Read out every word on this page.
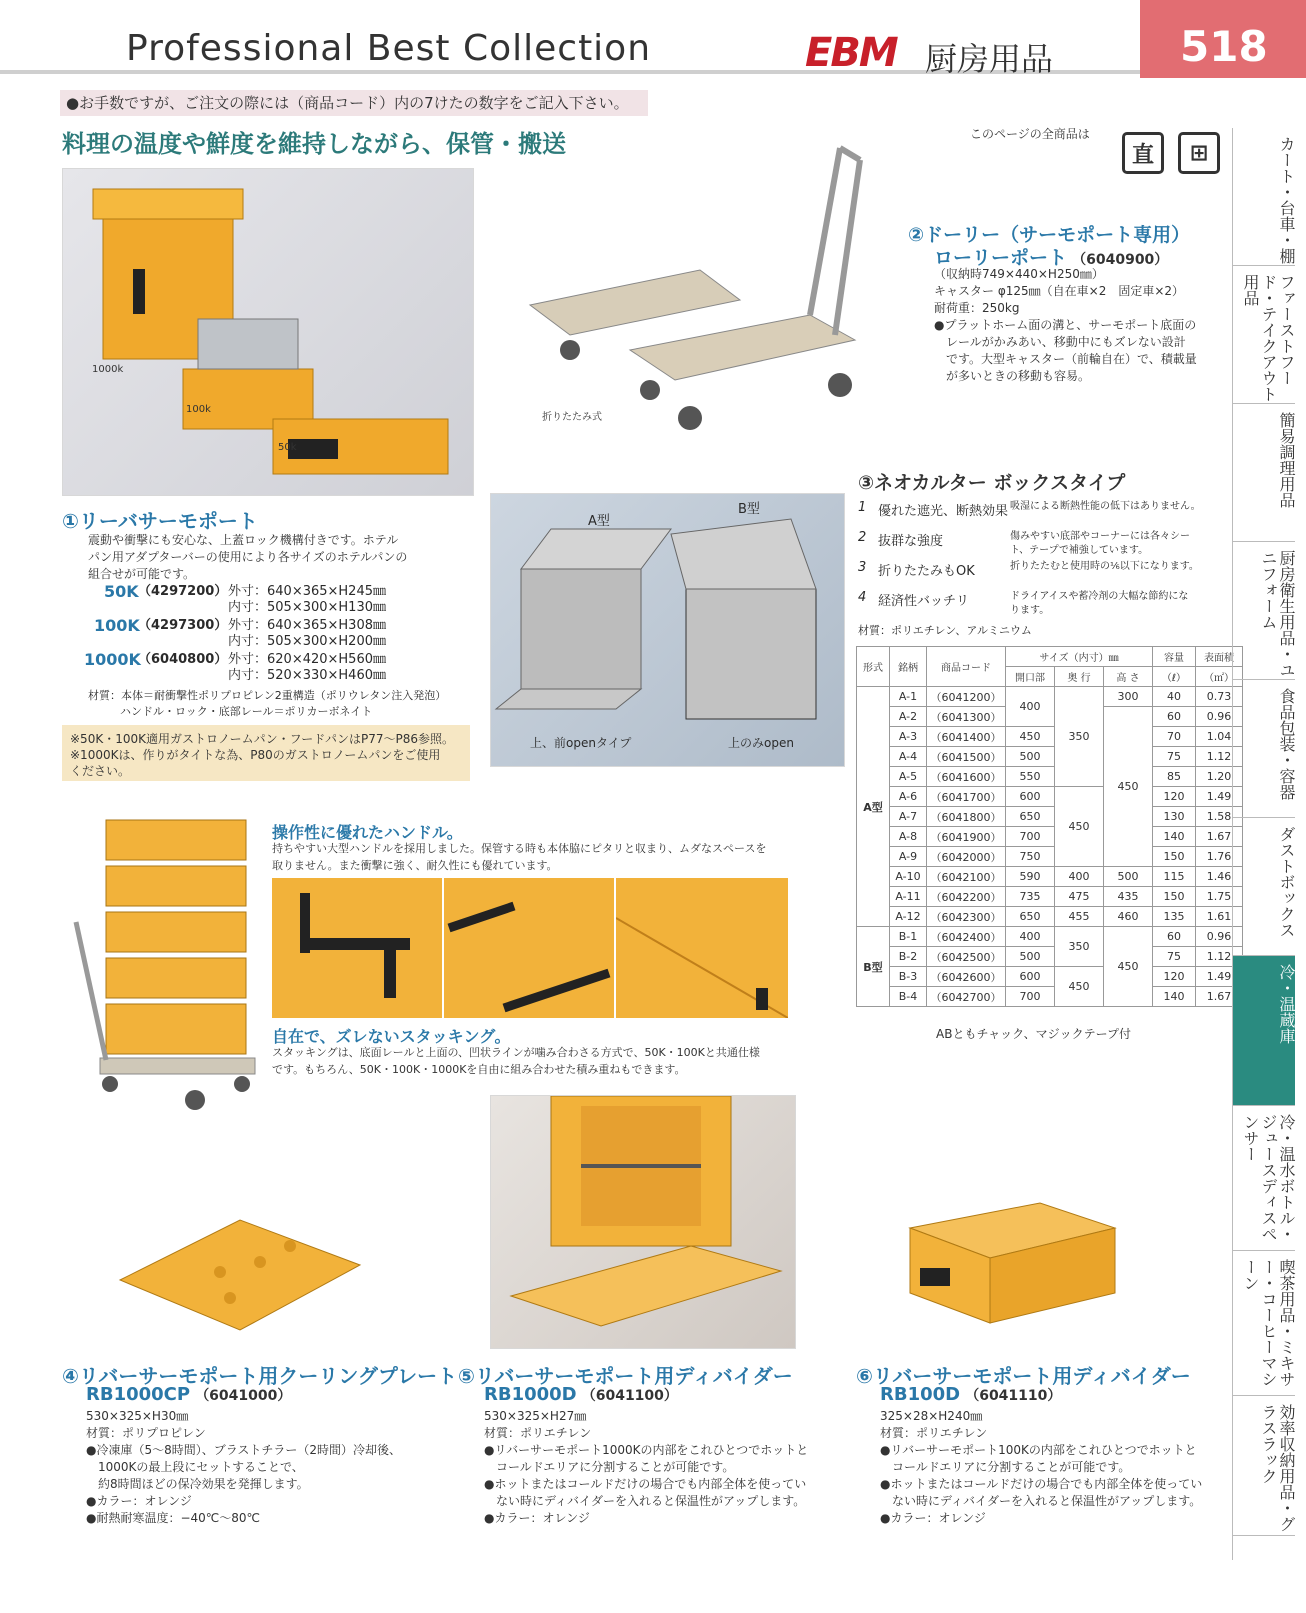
Professional Best Collection	EBM 厨房用品	518
●お手数ですが、ご注文の際には（商品コード）内の7けたの数字をご記入下さい。
料理の温度や鮮度を維持しながら、保管・搬送	このページの全商品は
直	⊞
1000k
100k
50k
①リーバサーモポート
震動や衝撃にも安心な、上蓋ロック機構付きです。ホテル
パン用アダプターバーの使用により各サイズのホテルパンの
組合せが可能です。
50K （4297200） 外寸：640×365×H245㎜
内寸：505×300×H130㎜
100K
（4297300） 外寸：640×365×H308㎜
内寸：505×300×H200㎜
1000K
（6040800） 外寸：620×420×H560㎜
内寸：520×330×H460㎜
材質：本体＝耐衝撃性ポリプロピレン2重構造（ポリウレタン注入発泡）
ハンドル・ロック・底部レール＝ポリカーボネイト
※50K・100K適用ガストロノームパン・フードパンはP77～P86参照。
※1000Kは、作りがタイトな為、P80のガストロノームパンをご使用
ください。
折りたたみ式
②ドーリー（サーモポート専用）
ローリーポート （6040900）
（収納時749×440×H250㎜）
キャスター φ125㎜（自在車×2　固定車×2）
耐荷重：250kg
●プラットホーム面の溝と、サーモポート底面の
レールがかみあい、移動中にもズレない設計
です。大型キャスター（前輪自在）で、積載量
が多いときの移動も容易。
A型
B型
上、前openタイプ	上のみopen
③ネオカルター ボックスタイプ
1 優れた遮光、断熱効果 吸湿による断熱性能の低下はありません。
2 抜群な強度	傷みやすい底部やコーナーには各々シー
ト、テープで補強しています。
3 折りたたみもOK	折りたたむと使用時の⅙以下になります。
4 経済性バッチリ	ドライアイスや蓄冷剤の大幅な節約にな
ります。
材質：ポリエチレン、アルミニウム
形式	銘柄	商品コード	サイズ（内寸）㎜			容量	表面積
			開口部	奥 行	高 さ	（ℓ）	（㎡）
A型	A-1	（6041200）	400	350	300	40	0.73
	A-2	（6041300）			450	60	0.96
	A-3	（6041400）	450			70	1.04
	A-4	（6041500）	500			75	1.12
	A-5	（6041600）	550			85	1.20
	A-6	（6041700）	600	450		120	1.49
	A-7	（6041800）	650			130	1.58
	A-8	（6041900）	700			140	1.67
	A-9	（6042000）	750			150	1.76
	A-10	（6042100）	590	400	500	115	1.46
	A-11	（6042200）	735	475	435	150	1.75
	A-12	（6042300）	650	455	460	135	1.61
B型	B-1	（6042400）	400	350	450	60	0.96
	B-2	（6042500）	500			75	1.12
	B-3	（6042600）	600	450		120	1.49
	B-4	（6042700）	700			140	1.67
ABともチャック、マジックテープ付
操作性に優れたハンドル。
持ちやすい大型ハンドルを採用しました。保管する時も本体脇にピタリと収まり、ムダなスペースを
取りません。また衝撃に強く、耐久性にも優れています。
自在で、ズレないスタッキング。
スタッキングは、底面レールと上面の、凹状ラインが噛み合わさる方式で、50K・100Kと共通仕様
です。もちろん、50K・100K・1000Kを自由に組み合わせた積み重ねもできます。
④リバーサーモポート用クーリングプレート
RB1000CP （6041000）
530×325×H30㎜
材質：ポリプロピレン
●冷凍庫（5～8時間）、ブラストチラー（2時間）冷却後、
1000Kの最上段にセットすることで、
約8時間ほどの保冷効果を発揮します。
●カラー：オレンジ
●耐熱耐寒温度：−40℃～80℃
⑤リバーサーモポート用ディバイダー
RB1000D （6041100）
530×325×H27㎜
材質：ポリエチレン
●リバーサーモポート1000Kの内部をこれひとつでホットと
コールドエリアに分割することが可能です。
●ホットまたはコールドだけの場合でも内部全体を使ってい
ない時にディバイダーを入れると保温性がアップします。
●カラー：オレンジ
⑥リバーサーモポート用ディバイダー
RB100D （6041110）
325×28×H240㎜
材質：ポリエチレン
●リバーサーモポート100Kの内部をこれひとつでホットと
コールドエリアに分割することが可能です。
●ホットまたはコールドだけの場合でも内部全体を使ってい
ない時にディバイダーを入れると保温性がアップします。
●カラー：オレンジ
カート・台車・棚
ファーストフード・テイクアウト用品
簡易調理用品
厨房衛生用品・ユニフォーム
食品包装・容器
ダストボックス
冷・温蔵庫
冷・温水ボトル・ジュースディスペンサー
喫茶用品・ミキサー・コーヒーマシーン
効率収納用品・グラスラック
